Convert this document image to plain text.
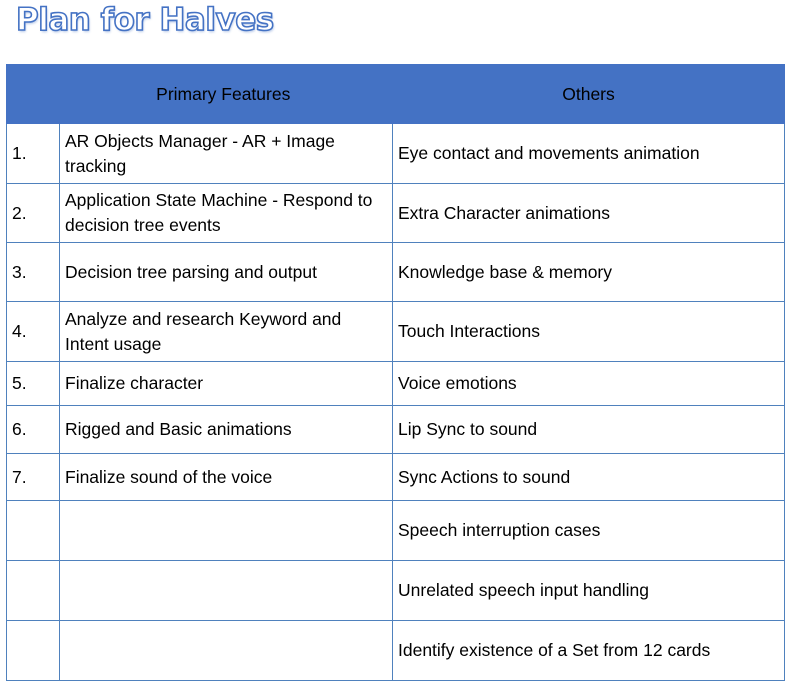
Plan for Halves
	Primary Features	Others
1.	AR Objects Manager - AR + Image tracking	Eye contact and movements animation
2.	Application State Machine - Respond to decision tree events	Extra Character animations
3.	Decision tree parsing and output	Knowledge base & memory
4.	Analyze and research Keyword and Intent usage	Touch Interactions
5.	Finalize character	Voice emotions
6.	Rigged and Basic animations	Lip Sync to sound
7.	Finalize sound of the voice	Sync Actions to sound
		Speech interruption cases
		Unrelated speech input handling
		Identify existence of a Set from 12 cards
